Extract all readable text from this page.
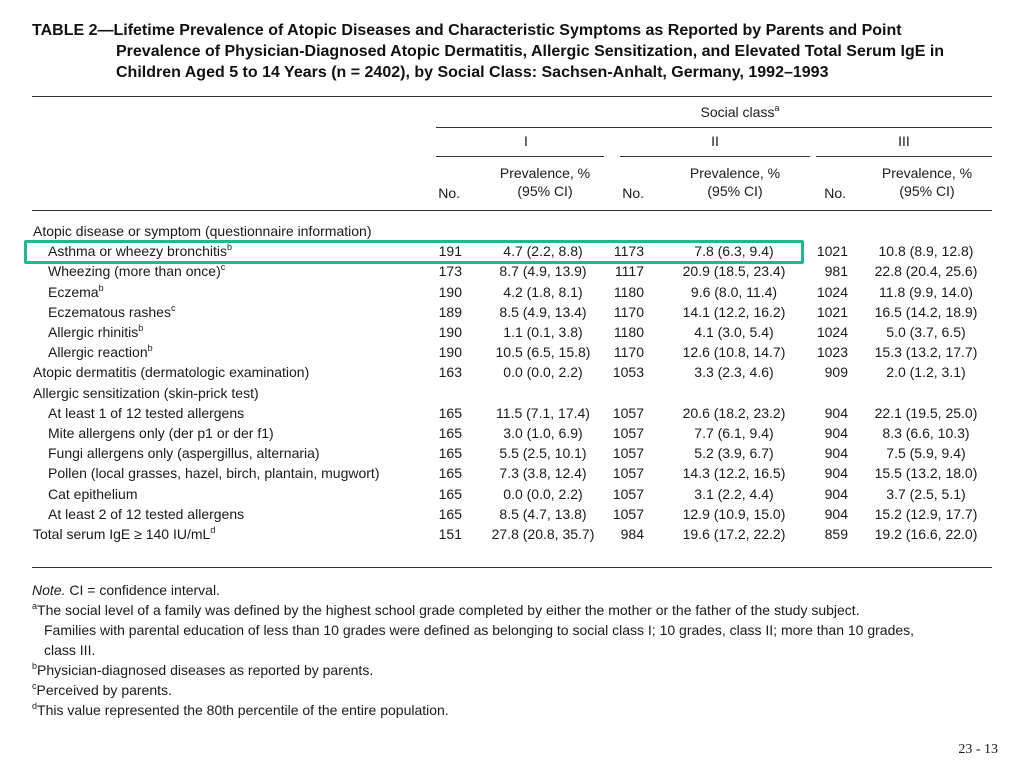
TABLE 2—Lifetime Prevalence of Atopic Diseases and Characteristic Symptoms as Reported by Parents and Point
Prevalence of Physician-Diagnosed Atopic Dermatitis, Allergic Sensitization, and Elevated Total Serum IgE in
Children Aged 5 to 14 Years (n = 2402), by Social Class: Sachsen-Anhalt, Germany, 1992–1993
Social class$^a$
I	II	III
No.
Prevalence, %
(95% CI)	No.
Prevalence, %
(95% CI)	No.
Prevalence, %
(95% CI)
Atopic disease or symptom (questionnaire information)
Asthma or wheezy bronchitis$^b$	191	4.7 (2.2, 8.8)	1173	7.8 (6.3, 9.4)	1021	10.8 (8.9, 12.8)
Wheezing (more than once)$^c$	173	8.7 (4.9, 13.9)	1117	20.9 (18.5, 23.4)	981	22.8 (20.4, 25.6)
Eczema$^b$	190	4.2 (1.8, 8.1)	1180	9.6 (8.0, 11.4)	1024	11.8 (9.9, 14.0)
Eczematous rashes$^c$	189	8.5 (4.9, 13.4)	1170	14.1 (12.2, 16.2)	1021	16.5 (14.2, 18.9)
Allergic rhinitis$^b$	190	1.1 (0.1, 3.8)	1180	4.1 (3.0, 5.4)	1024	5.0 (3.7, 6.5)
Allergic reaction$^b$	190	10.5 (6.5, 15.8)	1170	12.6 (10.8, 14.7)	1023	15.3 (13.2, 17.7)
Atopic dermatitis (dermatologic examination)	163	0.0 (0.0, 2.2)	1053	3.3 (2.3, 4.6)	909	2.0 (1.2, 3.1)
Allergic sensitization (skin-prick test)
At least 1 of 12 tested allergens	165	11.5 (7.1, 17.4)	1057	20.6 (18.2, 23.2)	904	22.1 (19.5, 25.0)
Mite allergens only (der p1 or der f1)	165	3.0 (1.0, 6.9)	1057	7.7 (6.1, 9.4)	904	8.3 (6.6, 10.3)
Fungi allergens only (aspergillus, alternaria)	165	5.5 (2.5, 10.1)	1057	5.2 (3.9, 6.7)	904	7.5 (5.9, 9.4)
Pollen (local grasses, hazel, birch, plantain, mugwort)	165	7.3 (3.8, 12.4)	1057	14.3 (12.2, 16.5)	904	15.5 (13.2, 18.0)
Cat epithelium	165	0.0 (0.0, 2.2)	1057	3.1 (2.2, 4.4)	904	3.7 (2.5, 5.1)
At least 2 of 12 tested allergens	165	8.5 (4.7, 13.8)	1057	12.9 (10.9, 15.0)	904	15.2 (12.9, 17.7)
Total serum IgE ≥ 140 $IU/mL^d$	151	27.8 (20.8, 35.7)	984	19.6 (17.2, 22.2)	859	19.2 (16.6, 22.0)
Note. CI = confidence interval.
$^a$The social level of a family was defined by the highest school grade completed by either the mother or the father of the study subject.
Families with parental education of less than 10 grades were defined as belonging to social class I; 10 grades, class II; more than 10 grades,
class III.
$^b$Physician-diagnosed diseases as reported by parents.
$^c$Perceived by parents.
$^d$This value represented the 80th percentile of the entire population.
23 - 13
